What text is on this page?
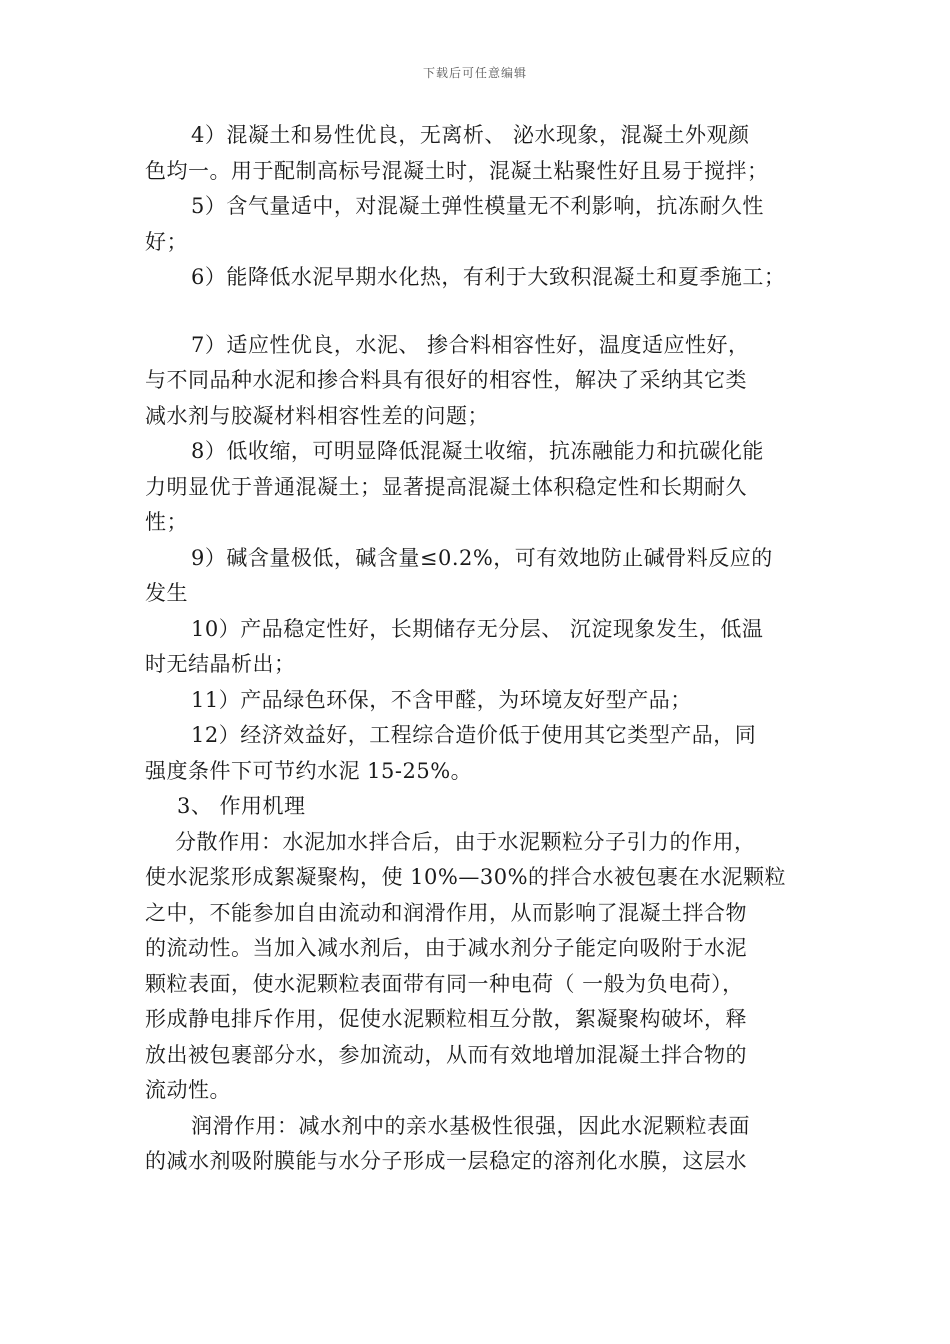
下载后可任意编辑
4）混凝土和易性优良，无离析、 泌水现象，混凝土外观颜
色均一。用于配制高标号混凝土时，混凝土粘聚性好且易于搅拌；
5）含气量适中，对混凝土弹性模量无不利影响，抗冻耐久性
好；
6）能降低水泥早期水化热，有利于大致积混凝土和夏季施工；
7）适应性优良，水泥、 掺合料相容性好，温度适应性好，
与不同品种水泥和掺合料具有很好的相容性，解决了采纳其它类
减水剂与胶凝材料相容性差的问题；
8）低收缩，可明显降低混凝土收缩，抗冻融能力和抗碳化能
力明显优于普通混凝土；显著提高混凝土体积稳定性和长期耐久
性；
9）碱含量极低，碱含量≤0.2%，可有效地防止碱骨料反应的
发生
10）产品稳定性好，长期储存无分层、 沉淀现象发生，低温
时无结晶析出；
11）产品绿色环保，不含甲醛，为环境友好型产品；
12）经济效益好，工程综合造价低于使用其它类型产品，同
强度条件下可节约水泥 15-25%。
3、 作用机理
分散作用：水泥加水拌合后，由于水泥颗粒分子引力的作用，
使水泥浆形成絮凝聚构，使 10%—30%的拌合水被包裹在水泥颗粒
之中，不能参加自由流动和润滑作用，从而影响了混凝土拌合物
的流动性。当加入减水剂后，由于减水剂分子能定向吸附于水泥
颗粒表面，使水泥颗粒表面带有同一种电荷（ 一般为负电荷），
形成静电排斥作用，促使水泥颗粒相互分散，絮凝聚构破坏，释
放出被包裹部分水，参加流动，从而有效地增加混凝土拌合物的
流动性。
润滑作用：减水剂中的亲水基极性很强，因此水泥颗粒表面
的减水剂吸附膜能与水分子形成一层稳定的溶剂化水膜，这层水
